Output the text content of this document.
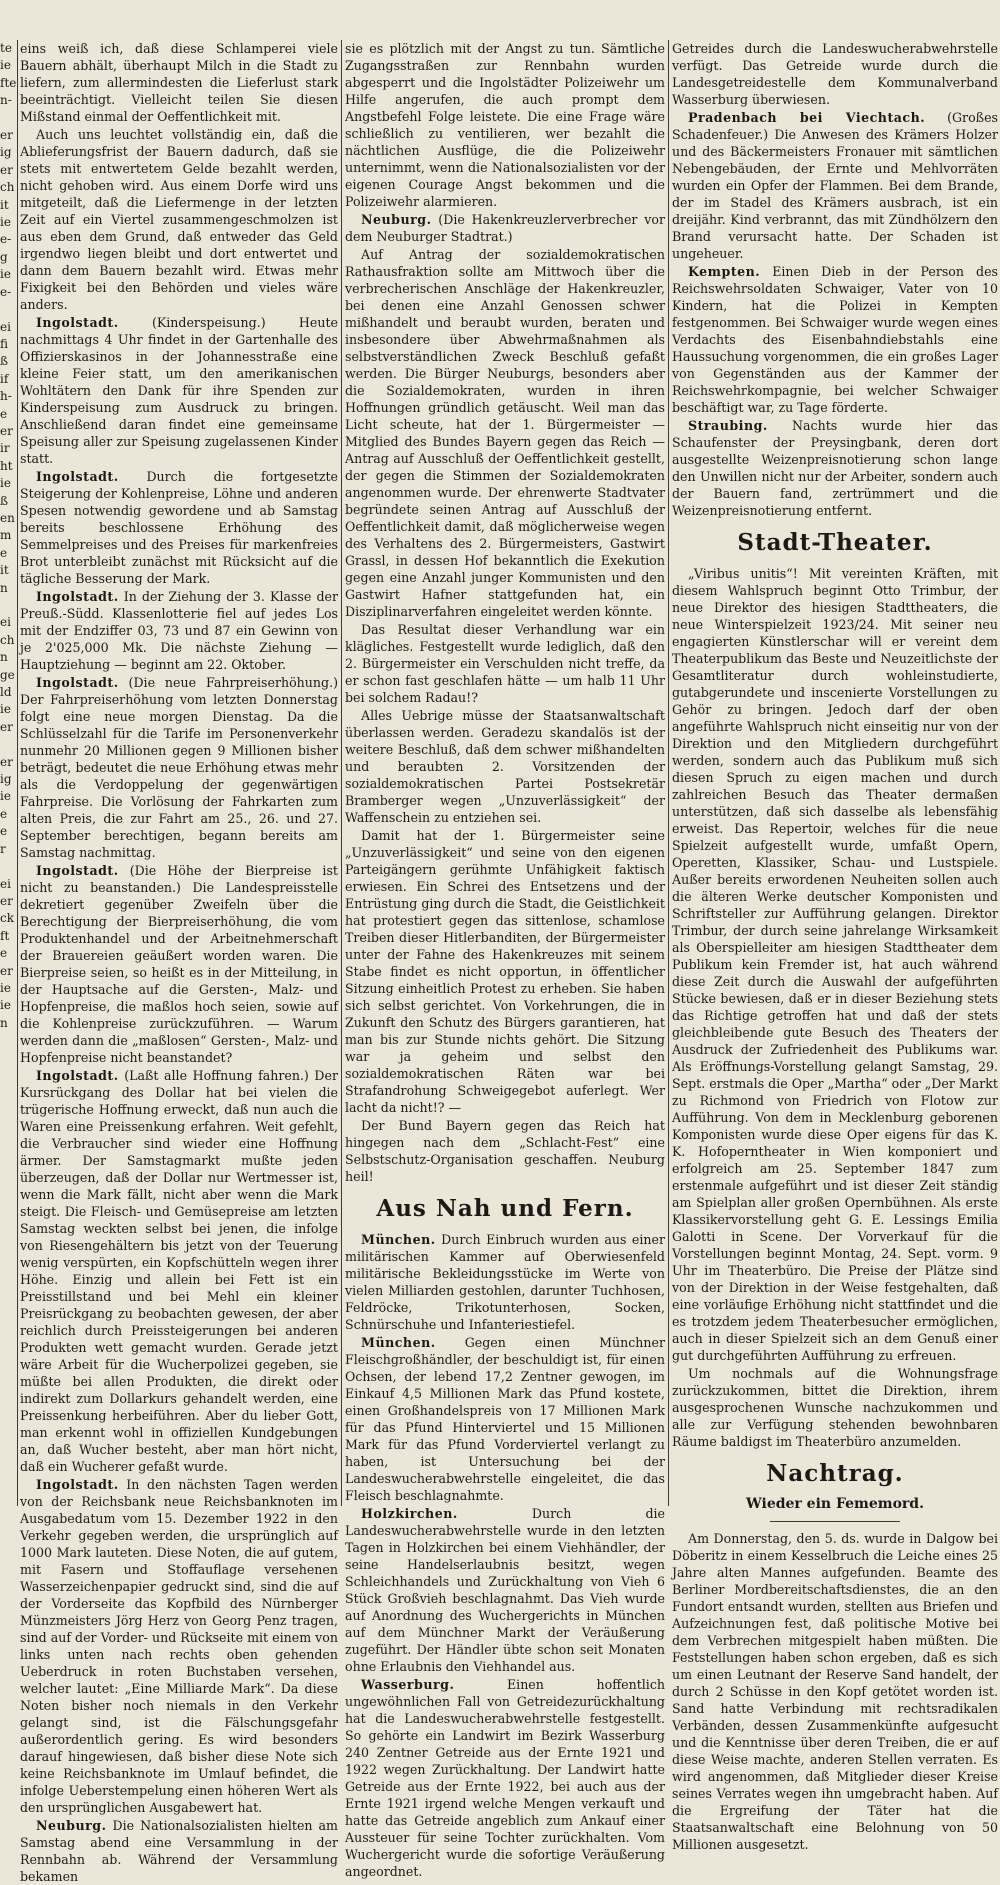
te
ie
fte
n-

er
ig
er
ch
it
ie
e-
g
ie
e-

ei
fi
ß
if
h-
e
er
ir
ht
ie
ß
en
m
e
it
n

ei
ch
n
ge
ld
ie
er

er
ig
ie
e
e
r

ei
er
ck
ft
e
er
ie
ie
n

eins weiß ich, daß diese Schlamperei viele Bauern abhält, überhaupt Milch in die Stadt zu liefern, zum allermindesten die Lieferlust stark beeinträchtigt. Vielleicht teilen Sie diesen Mißstand einmal der Oeffentlichkeit mit.

Auch uns leuchtet vollständig ein, daß die Ablieferungsfrist der Bauern dadurch, daß sie stets mit entwertetem Gelde bezahlt werden, nicht gehoben wird. Aus einem Dorfe wird uns mitgeteilt, daß die Liefermenge in der letzten Zeit auf ein Viertel zusammengeschmolzen ist aus eben dem Grund, daß entweder das Geld irgendwo liegen bleibt und dort entwertet und dann dem Bauern bezahlt wird. Etwas mehr Fixigkeit bei den Behörden und vieles wäre anders.

Ingolstadt. (Kinderspeisung.) Heute nachmittags 4 Uhr findet in der Gartenhalle des Offizierskasinos in der Johannesstraße eine kleine Feier statt, um den amerikanischen Wohltätern den Dank für ihre Spenden zur Kinderspeisung zum Ausdruck zu bringen. Anschließend daran findet eine gemeinsame Speisung aller zur Speisung zugelassenen Kinder statt.

Ingolstadt. Durch die fortgesetzte Steigerung der Kohlenpreise, Löhne und anderen Spesen notwendig gewordene und ab Samstag bereits beschlossene Erhöhung des Semmelpreises und des Preises für markenfreies Brot unterbleibt zunächst mit Rücksicht auf die tägliche Besserung der Mark.

Ingolstadt. In der Ziehung der 3. Klasse der Preuß.-Südd. Klassenlotterie fiel auf jedes Los mit der Endziffer 03, 73 und 87 ein Gewinn von je 2'025,000 Mk. Die nächste Ziehung — Hauptziehung — beginnt am 22. Oktober.

Ingolstadt. (Die neue Fahrpreiserhöhung.) Der Fahrpreiserhöhung vom letzten Donnerstag folgt eine neue morgen Dienstag. Da die Schlüsselzahl für die Tarife im Personenverkehr nunmehr 20 Millionen gegen 9 Millionen bisher beträgt, bedeutet die neue Erhöhung etwas mehr als die Verdoppelung der gegenwärtigen Fahrpreise. Die Vorlösung der Fahrkarten zum alten Preis, die zur Fahrt am 25., 26. und 27. September berechtigen, begann bereits am Samstag nachmittag.

Ingolstadt. (Die Höhe der Bierpreise ist nicht zu beanstanden.) Die Landespreisstelle dekretiert gegenüber Zweifeln über die Berechtigung der Bierpreiserhöhung, die vom Produktenhandel und der Arbeitnehmerschaft der Brauereien geäußert worden waren. Die Bierpreise seien, so heißt es in der Mitteilung, in der Hauptsache auf die Gersten-, Malz- und Hopfenpreise, die maßlos hoch seien, sowie auf die Kohlenpreise zurückzuführen. — Warum werden dann die „maßlosen“ Gersten-, Malz- und Hopfenpreise nicht beanstandet?

Ingolstadt. (Laßt alle Hoffnung fahren.) Der Kursrückgang des Dollar hat bei vielen die trügerische Hoffnung erweckt, daß nun auch die Waren eine Preissenkung erfahren. Weit gefehlt, die Verbraucher sind wieder eine Hoffnung ärmer. Der Samstagmarkt mußte jeden überzeugen, daß der Dollar nur Wertmesser ist, wenn die Mark fällt, nicht aber wenn die Mark steigt. Die Fleisch- und Gemüsepreise am letzten Samstag weckten selbst bei jenen, die infolge von Riesengehältern bis jetzt von der Teuerung wenig verspürten, ein Kopfschütteln wegen ihrer Höhe. Einzig und allein bei Fett ist ein Preisstillstand und bei Mehl ein kleiner Preisrückgang zu beobachten gewesen, der aber reichlich durch Preissteigerungen bei anderen Produkten wett gemacht wurden. Gerade jetzt wäre Arbeit für die Wucherpolizei gegeben, sie müßte bei allen Produkten, die direkt oder indirekt zum Dollarkurs gehandelt werden, eine Preissenkung herbeiführen. Aber du lieber Gott, man erkennt wohl in offiziellen Kundgebungen an, daß Wucher besteht, aber man hört nicht, daß ein Wucherer gefaßt wurde.

Ingolstadt. In den nächsten Tagen werden von der Reichsbank neue Reichsbanknoten im Ausgabedatum vom 15. Dezember 1922 in den Verkehr gegeben werden, die ursprünglich auf 1000 Mark lauteten. Diese Noten, die auf gutem, mit Fasern und Stoffauflage versehenen Wasserzeichenpapier gedruckt sind, sind die auf der Vorderseite das Kopfbild des Nürnberger Münzmeisters Jörg Herz von Georg Penz tragen, sind auf der Vorder- und Rückseite mit einem von links unten nach rechts oben gehenden Ueberdruck in roten Buchstaben versehen, welcher lautet: „Eine Milliarde Mark“. Da diese Noten bisher noch niemals in den Verkehr gelangt sind, ist die Fälschungsgefahr außerordentlich gering. Es wird besonders darauf hingewiesen, daß bisher diese Note sich keine Reichsbanknote im Umlauf befindet, die infolge Ueberstempelung einen höheren Wert als den ursprünglichen Ausgabewert hat.

Neuburg. Die Nationalsozialisten hielten am Samstag abend eine Versammlung in der Rennbahn ab. Während der Versammlung bekamen

sie es plötzlich mit der Angst zu tun. Sämtliche Zugangsstraßen zur Rennbahn wurden abgesperrt und die Ingolstädter Polizeiwehr um Hilfe angerufen, die auch prompt dem Angstbefehl Folge leistete. Die eine Frage wäre schließlich zu ventilieren, wer bezahlt die nächtlichen Ausflüge, die die Polizeiwehr unternimmt, wenn die Nationalsozialisten vor der eigenen Courage Angst bekommen und die Polizeiwehr alarmieren.

Neuburg. (Die Hakenkreuzlerverbrecher vor dem Neuburger Stadtrat.)

Auf Antrag der sozialdemokratischen Rathausfraktion sollte am Mittwoch über die verbrecherischen Anschläge der Hakenkreuzler, bei denen eine Anzahl Genossen schwer mißhandelt und beraubt wurden, beraten und insbesondere über Abwehrmaßnahmen als selbstverständlichen Zweck Beschluß gefaßt werden. Die Bürger Neuburgs, besonders aber die Sozialdemokraten, wurden in ihren Hoffnungen gründlich getäuscht. Weil man das Licht scheute, hat der 1. Bürgermeister — Mitglied des Bundes Bayern gegen das Reich — Antrag auf Ausschluß der Oeffentlichkeit gestellt, der gegen die Stimmen der Sozialdemokraten angenommen wurde. Der ehrenwerte Stadtvater begründete seinen Antrag auf Ausschluß der Oeffentlichkeit damit, daß möglicherweise wegen des Verhaltens des 2. Bürgermeisters, Gastwirt Grassl, in dessen Hof bekanntlich die Exekution gegen eine Anzahl junger Kommunisten und den Gastwirt Hafner stattgefunden hat, ein Disziplinarverfahren eingeleitet werden könnte.

Das Resultat dieser Verhandlung war ein klägliches. Festgestellt wurde lediglich, daß den 2. Bürgermeister ein Verschulden nicht treffe, da er schon fast geschlafen hätte — um halb 11 Uhr bei solchem Radau!?

Alles Uebrige müsse der Staatsanwaltschaft überlassen werden. Geradezu skandalös ist der weitere Beschluß, daß dem schwer mißhandelten und beraubten 2. Vorsitzenden der sozialdemokratischen Partei Postsekretär Bramberger wegen „Unzuverlässigkeit“ der Waffenschein zu entziehen sei.

Damit hat der 1. Bürgermeister seine „Unzuverlässigkeit“ und seine von den eigenen Parteigängern gerühmte Unfähigkeit faktisch erwiesen. Ein Schrei des Entsetzens und der Entrüstung ging durch die Stadt, die Geistlichkeit hat protestiert gegen das sittenlose, schamlose Treiben dieser Hitlerbanditen, der Bürgermeister unter der Fahne des Hakenkreuzes mit seinem Stabe findet es nicht opportun, in öffentlicher Sitzung einheitlich Protest zu erheben. Sie haben sich selbst gerichtet. Von Vorkehrungen, die in Zukunft den Schutz des Bürgers garantieren, hat man bis zur Stunde nichts gehört. Die Sitzung war ja geheim und selbst den sozialdemokratischen Räten war bei Strafandrohung Schweigegebot auferlegt. Wer lacht da nicht!? —

Der Bund Bayern gegen das Reich hat hingegen nach dem „Schlacht-Fest“ eine Selbstschutz-Organisation geschaffen. Neuburg heil!

Aus Nah und Fern.

München. Durch Einbruch wurden aus einer militärischen Kammer auf Oberwiesenfeld militärische Bekleidungsstücke im Werte von vielen Milliarden gestohlen, darunter Tuchhosen, Feldröcke, Trikotunterhosen, Socken, Schnürschuhe und Infanteriestiefel.

München. Gegen einen Münchner Fleischgroßhändler, der beschuldigt ist, für einen Ochsen, der lebend 17,2 Zentner gewogen, im Einkauf 4,5 Millionen Mark das Pfund kostete, einen Großhandelspreis von 17 Millionen Mark für das Pfund Hinterviertel und 15 Millionen Mark für das Pfund Vorderviertel verlangt zu haben, ist Untersuchung bei der Landeswucherabwehrstelle eingeleitet, die das Fleisch beschlagnahmte.

Holzkirchen. Durch die Landeswucherabwehrstelle wurde in den letzten Tagen in Holzkirchen bei einem Viehhändler, der seine Handelserlaubnis besitzt, wegen Schleichhandels und Zurückhaltung von Vieh 6 Stück Großvieh beschlagnahmt. Das Vieh wurde auf Anordnung des Wuchergerichts in München auf dem Münchner Markt der Veräußerung zugeführt. Der Händler übte schon seit Monaten ohne Erlaubnis den Viehhandel aus.

Wasserburg. Einen hoffentlich ungewöhnlichen Fall von Getreidezurückhaltung hat die Landeswucherabwehrstelle festgestellt. So gehörte ein Landwirt im Bezirk Wasserburg 240 Zentner Getreide aus der Ernte 1921 und 1922 wegen Zurückhaltung. Der Landwirt hatte Getreide aus der Ernte 1922, bei auch aus der Ernte 1921 irgend welche Mengen verkauft und hatte das Getreide angeblich zum Ankauf einer Aussteuer für seine Tochter zurückhalten. Vom Wuchergericht wurde die sofortige Veräußerung angeordnet.

Getreides durch die Landeswucherabwehrstelle verfügt. Das Getreide wurde durch die Landesgetreidestelle dem Kommunalverband Wasserburg überwiesen.

Pradenbach bei Viechtach. (Großes Schadenfeuer.) Die Anwesen des Krämers Holzer und des Bäckermeisters Fronauer mit sämtlichen Nebengebäuden, der Ernte und Mehlvorräten wurden ein Opfer der Flammen. Bei dem Brande, der im Stadel des Krämers ausbrach, ist ein dreijähr. Kind verbrannt, das mit Zündhölzern den Brand verursacht hatte. Der Schaden ist ungeheuer.

Kempten. Einen Dieb in der Person des Reichswehrsoldaten Schwaiger, Vater von 10 Kindern, hat die Polizei in Kempten festgenommen. Bei Schwaiger wurde wegen eines Verdachts des Eisenbahndiebstahls eine Haussuchung vorgenommen, die ein großes Lager von Gegenständen aus der Kammer der Reichswehrkompagnie, bei welcher Schwaiger beschäftigt war, zu Tage förderte.

Straubing. Nachts wurde hier das Schaufenster der Preysingbank, deren dort ausgestellte Weizenpreisnotierung schon lange den Unwillen nicht nur der Arbeiter, sondern auch der Bauern fand, zertrümmert und die Weizenpreisnotierung entfernt.

Stadt-Theater.

„Viribus unitis“! Mit vereinten Kräften, mit diesem Wahlspruch beginnt Otto Trimbur, der neue Direktor des hiesigen Stadttheaters, die neue Winterspielzeit 1923/24. Mit seiner neu engagierten Künstlerschar will er vereint dem Theaterpublikum das Beste und Neuzeitlichste der Gesamtliteratur durch wohleinstudierte, gutabgerundete und inscenierte Vorstellungen zu Gehör zu bringen. Jedoch darf der oben angeführte Wahlspruch nicht einseitig nur von der Direktion und den Mitgliedern durchgeführt werden, sondern auch das Publikum muß sich diesen Spruch zu eigen machen und durch zahlreichen Besuch das Theater dermaßen unterstützen, daß sich dasselbe als lebensfähig erweist. Das Repertoir, welches für die neue Spielzeit aufgestellt wurde, umfaßt Opern, Operetten, Klassiker, Schau- und Lustspiele. Außer bereits erwordenen Neuheiten sollen auch die älteren Werke deutscher Komponisten und Schriftsteller zur Aufführung gelangen. Direktor Trimbur, der durch seine jahrelange Wirksamkeit als Oberspielleiter am hiesigen Stadttheater dem Publikum kein Fremder ist, hat auch während diese Zeit durch die Auswahl der aufgeführten Stücke bewiesen, daß er in dieser Beziehung stets das Richtige getroffen hat und daß der stets gleichbleibende gute Besuch des Theaters der Ausdruck der Zufriedenheit des Publikums war. Als Eröffnungs-Vorstellung gelangt Samstag, 29. Sept. erstmals die Oper „Martha“ oder „Der Markt zu Richmond von Friedrich von Flotow zur Aufführung. Von dem in Mecklenburg geborenen Komponisten wurde diese Oper eigens für das K. K. Hofoperntheater in Wien komponiert und erfolgreich am 25. September 1847 zum erstenmale aufgeführt und ist dieser Zeit ständig am Spielplan aller großen Opernbühnen. Als erste Klassikervorstellung geht G. E. Lessings Emilia Galotti in Scene. Der Vorverkauf für die Vorstellungen beginnt Montag, 24. Sept. vorm. 9 Uhr im Theaterbüro. Die Preise der Plätze sind von der Direktion in der Weise festgehalten, daß eine vorläufige Erhöhung nicht stattfindet und die es trotzdem jedem Theaterbesucher ermöglichen, auch in dieser Spielzeit sich an dem Genuß einer gut durchgeführten Aufführung zu erfreuen.

Um nochmals auf die Wohnungsfrage zurückzukommen, bittet die Direktion, ihrem ausgesprochenen Wunsche nachzukommen und alle zur Verfügung stehenden bewohnbaren Räume baldigst im Theaterbüro anzumelden.

Nachtrag.
Wieder ein Fememord.

Am Donnerstag, den 5. ds. wurde in Dalgow bei Döberitz in einem Kesselbruch die Leiche eines 25 Jahre alten Mannes aufgefunden. Beamte des Berliner Mordbereitschaftsdienstes, die an den Fundort entsandt wurden, stellten aus Briefen und Aufzeichnungen fest, daß politische Motive bei dem Verbrechen mitgespielt haben müßten. Die Feststellungen haben schon ergeben, daß es sich um einen Leutnant der Reserve Sand handelt, der durch 2 Schüsse in den Kopf getötet worden ist. Sand hatte Verbindung mit rechtsradikalen Verbänden, dessen Zusammenkünfte aufgesucht und die Kenntnisse über deren Treiben, die er auf diese Weise machte, anderen Stellen verraten. Es wird angenommen, daß Mitglieder dieser Kreise seines Verrates wegen ihn umgebracht haben. Auf die Ergreifung der Täter hat die Staatsanwaltschaft eine Belohnung von 50 Millionen ausgesetzt.
